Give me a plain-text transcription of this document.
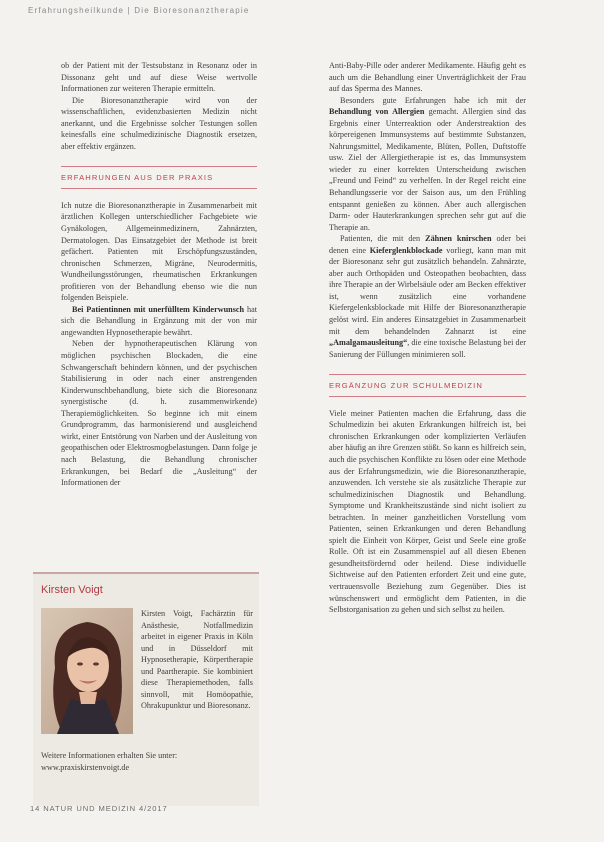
Erfahrungsheilkunde | Die Bioresonanztherapie

ob der Patient mit der Testsubstanz in Resonanz oder in Dissonanz geht und auf diese Weise wertvolle Informationen zur weiteren Therapie ermitteln.

Die Bioresonanztherapie wird von der wissenschaftlichen, evidenzbasierten Medizin nicht anerkannt, und die Ergebnisse solcher Testungen sollen keinesfalls eine schulmedizinische Diagnostik ersetzen, aber effektiv ergänzen.

ERFAHRUNGEN AUS DER PRAXIS

Ich nutze die Bioresonanztherapie in Zusammenarbeit mit ärztlichen Kollegen unterschiedlicher Fachgebiete wie Gynäkologen, Allgemeinmedizinern, Zahnärzten, Dermatologen. Das Einsatzgebiet der Methode ist breit gefächert. Patienten mit Erschöpfungszuständen, chronischen Schmerzen, Migräne, Neurodermitis, Wundheilungsstörungen, rheumatischen Erkrankungen profitieren von der Behandlung ebenso wie die nun folgenden Beispiele.

Bei Patientinnen mit unerfülltem Kinderwunsch hat sich die Behandlung in Ergänzung mit der von mir angewandten Hypnosetherapie bewährt.

Neben der hypnotherapeutischen Klärung von möglichen psychischen Blockaden, die eine Schwangerschaft behindern können, und der psychischen Stabilisierung in oder nach einer anstrengenden Kinderwunschbehandlung, biete sich die Bioresonanz synergistische (d. h. zusammenwirkende) Therapiemöglichkeiten. So beginne ich mit einem Grundprogramm, das harmonisierend und ausgleichend wirkt, einer Entstörung von Narben und der Ausleitung von geopathischen oder Elektrosmogbelastungen. Dann folge je nach Belastung, die Behandlung chronischer Erkrankungen, bei Bedarf die „Ausleitung“ der Informationen der

Anti-Baby-Pille oder anderer Medikamente. Häufig geht es auch um die Behandlung einer Unverträglichkeit der Frau auf das Sperma des Mannes.

Besonders gute Erfahrungen habe ich mit der Behandlung von Allergien gemacht. Allergien sind das Ergebnis einer Unterreaktion oder Anderstreaktion des körpereigenen Immunsystems auf bestimmte Substanzen, Nahrungsmittel, Medikamente, Blüten, Pollen, Duftstoffe usw. Ziel der Allergietherapie ist es, das Immunsystem wieder zu einer korrekten Unterscheidung zwischen „Freund und Feind“ zu verhelfen. In der Regel reicht eine Behandlungsserie vor der Saison aus, um den Frühling entspannt genießen zu können. Aber auch allergischen Darm- oder Hauterkrankungen sprechen sehr gut auf die Therapie an.

Patienten, die mit den Zähnen knirschen oder bei denen eine Kieferglenkblockade vorliegt, kann man mit der Bioresonanz sehr gut zusätzlich behandeln. Zahnärzte, aber auch Orthopäden und Osteopathen beobachten, dass ihre Therapie an der Wirbelsäule oder am Becken effektiver ist, wenn zusätzlich eine vorhandene Kiefergelenksblockade mit Hilfe der Bioresonanztherapie gelöst wird. Ein anderes Einsatzgebiet in Zusammenarbeit mit dem behandelnden Zahnarzt ist eine „Amalgamausleitung“, die eine toxische Belastung bei der Sanierung der Füllungen minimieren soll.

ERGÄNZUNG ZUR SCHULMEDIZIN

Viele meiner Patienten machen die Erfahrung, dass die Schulmedizin bei akuten Erkrankungen hilfreich ist, bei chronischen Erkrankungen oder komplizierten Verläufen aber häufig an ihre Grenzen stößt. So kann es hilfreich sein, auch die psychischen Konflikte zu lösen oder eine Methode aus der Erfahrungsmedizin, wie die Bioresonanztherapie, anzuwenden. Ich verstehe sie als zusätzliche Therapie zur schulmedizinischen Diagnostik und Behandlung. Symptome und Krankheitszustände sind nicht isoliert zu betrachten. In meiner ganzheitlichen Vorstellung vom Patienten, seinen Erkrankungen und deren Behandlung spielt die Einheit von Körper, Geist und Seele eine große Rolle. Oft ist ein Zusammenspiel auf all diesen Ebenen gesundheitsfördernd oder heilend. Diese individuelle Sichtweise auf den Patienten erfordert Zeit und eine gute, vertrauensvolle Beziehung zum Gegenüber. Dies ist wünschenswert und ermöglicht dem Patienten, in die Selbstorganisation zu gehen und sich selbst zu heilen.

Kirsten Voigt
Kirsten Voigt, Fachärztin für Anästhesie, Notfallmedizin arbeitet in eigener Praxis in Köln und in Düsseldorf mit Hypnosetherapie, Körpertherapie und Paartherapie. Sie kombiniert diese Therapiemethoden, falls sinnvoll, mit Homöopathie, Ohrakupunktur und Bioresonanz.
Weitere Informationen erhalten Sie unter:
www.praxiskirstenvoigt.de
14 NATUR UND MEDIZIN 4/2017
